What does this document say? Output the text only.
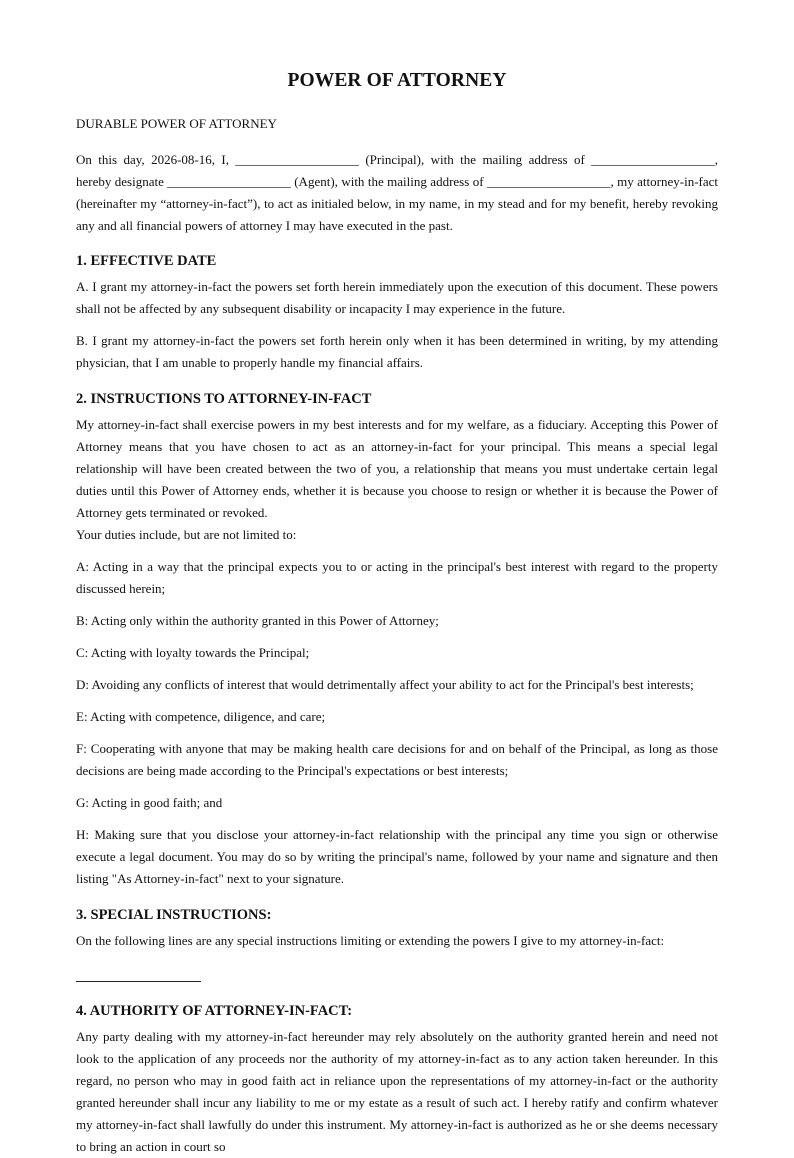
POWER OF ATTORNEY
DURABLE POWER OF ATTORNEY

On this day, 2026-08-16, I, ___________________ (Principal), with the mailing address of ___________________, hereby designate ___________________ (Agent), with the mailing address of ___________________, my attorney-in-fact (hereinafter my “attorney-in-fact”), to act as initialed below, in my name, in my stead and for my benefit, hereby revoking any and all financial powers of attorney I may have executed in the past.

1. EFFECTIVE DATE

A. I grant my attorney-in-fact the powers set forth herein immediately upon the execution of this document. These powers shall not be affected by any subsequent disability or incapacity I may experience in the future.

B. I grant my attorney-in-fact the powers set forth herein only when it has been determined in writing, by my attending physician, that I am unable to properly handle my financial affairs.

2. INSTRUCTIONS TO ATTORNEY-IN-FACT

My attorney-in-fact shall exercise powers in my best interests and for my welfare, as a fiduciary. Accepting this Power of Attorney means that you have chosen to act as an attorney-in-fact for your principal. This means a special legal relationship will have been created between the two of you, a relationship that means you must undertake certain legal duties until this Power of Attorney ends, whether it is because you choose to resign or whether it is because the Power of Attorney gets terminated or revoked.

Your duties include, but are not limited to:

A: Acting in a way that the principal expects you to or acting in the principal's best interest with regard to the property discussed herein;

B: Acting only within the authority granted in this Power of Attorney;

C: Acting with loyalty towards the Principal;

D: Avoiding any conflicts of interest that would detrimentally affect your ability to act for the Principal's best interests;

E: Acting with competence, diligence, and care;

F: Cooperating with anyone that may be making health care decisions for and on behalf of the Principal, as long as those decisions are being made according to the Principal's expectations or best interests;

G: Acting in good faith; and

H: Making sure that you disclose your attorney-in-fact relationship with the principal any time you sign or otherwise execute a legal document. You may do so by writing the principal's name, followed by your name and signature and then listing "As Attorney-in-fact" next to your signature.

3. SPECIAL INSTRUCTIONS:

On the following lines are any special instructions limiting or extending the powers I give to my attorney-in-fact:

4. AUTHORITY OF ATTORNEY-IN-FACT:

Any party dealing with my attorney-in-fact hereunder may rely absolutely on the authority granted herein and need not look to the application of any proceeds nor the authority of my attorney-in-fact as to any action taken hereunder. In this regard, no person who may in good faith act in reliance upon the representations of my attorney-in-fact or the authority granted hereunder shall incur any liability to me or my estate as a result of such act. I hereby ratify and confirm whatever my attorney-in-fact shall lawfully do under this instrument. My attorney-in-fact is authorized as he or she deems necessary to bring an action in court so
